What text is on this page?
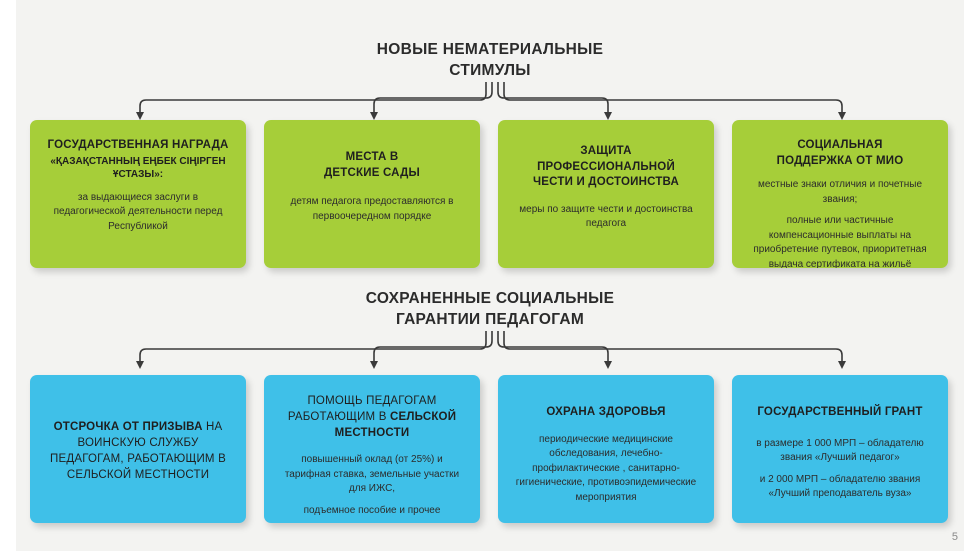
НОВЫЕ НЕМАТЕРИАЛЬНЫЕ
СТИМУЛЫ
ГОСУДАРСТВЕННАЯ НАГРАДА
«ҚАЗАҚСТАННЫҢ ЕҢБЕК СІҢІРГЕН ҰСТАЗЫ»:
за выдающиеся заслуги в педагогической деятельности перед Республикой
МЕСТА В
ДЕТСКИЕ САДЫ
детям педагога предоставляются в первоочередном порядке
ЗАЩИТА
ПРОФЕССИОНАЛЬНОЙ
ЧЕСТИ И ДОСТОИНСТВА
меры по защите чести и достоинства педагога
СОЦИАЛЬНАЯ
ПОДДЕРЖКА ОТ МИО

местные знаки отличия и почетные звания;

полные или частичные компенсационные выплаты на приобретение путевок, приоритетная выдача сертификата на жильё

СОХРАНЕННЫЕ СОЦИАЛЬНЫЕ
ГАРАНТИИ ПЕДАГОГАМ
ОТСРОЧКА ОТ ПРИЗЫВА НА ВОИНСКУЮ СЛУЖБУ ПЕДАГОГАМ, РАБОТАЮЩИМ В СЕЛЬСКОЙ МЕСТНОСТИ
ПОМОЩЬ ПЕДАГОГАМ РАБОТАЮЩИМ В СЕЛЬСКОЙ МЕСТНОСТИ

повышенный оклад (от 25%) и тарифная ставка, земельные участки для ИЖС,

подъемное пособие и прочее

ОХРАНА ЗДОРОВЬЯ
периодические медицинские обследования, лечебно-профилактические , санитарно-гигиенические, противоэпидемические мероприятия
ГОСУДАРСТВЕННЫЙ ГРАНТ

в размере 1 000 МРП – обладателю звания «Лучший педагог»

и 2 000 МРП – обладателю звания «Лучший преподаватель вуза»

5
